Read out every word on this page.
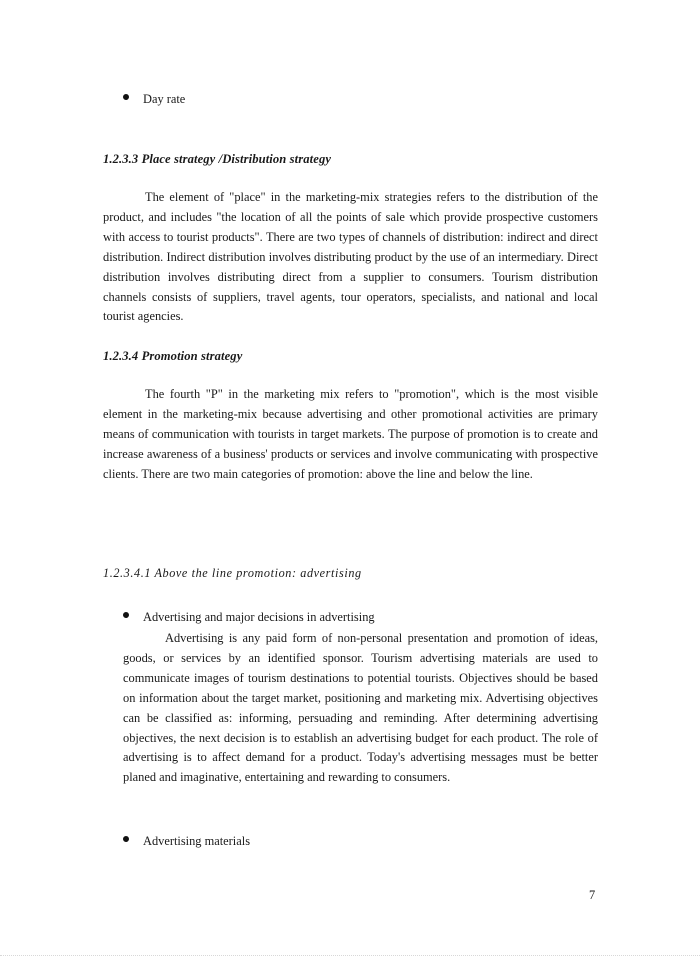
Day rate
1.2.3.3 Place strategy /Distribution strategy

The element of "place" in the marketing-mix strategies refers to the distribution of the product, and includes "the location of all the points of sale which provide prospective customers with access to tourist products". There are two types of channels of distribution: indirect and direct distribution. Indirect distribution involves distributing product by the use of an intermediary. Direct distribution involves distributing direct from a supplier to consumers. Tourism distribution channels consists of suppliers, travel agents, tour operators, specialists, and national and local tourist agencies.

1.2.3.4 Promotion strategy

The fourth "P" in the marketing mix refers to "promotion", which is the most visible element in the marketing-mix because advertising and other promotional activities are primary means of communication with tourists in target markets. The purpose of promotion is to create and increase awareness of a business' products or services and involve communicating with prospective clients. There are two main categories of promotion: above the line and below the line.

1.2.3.4.1 Above the line promotion: advertising
Advertising and major decisions in advertising

Advertising is any paid form of non-personal presentation and promotion of ideas, goods, or services by an identified sponsor. Tourism advertising materials are used to communicate images of tourism destinations to potential tourists. Objectives should be based on information about the target market, positioning and marketing mix. Advertising objectives can be classified as: informing, persuading and reminding. After determining advertising objectives, the next decision is to establish an advertising budget for each product. The role of advertising is to affect demand for a product. Today's advertising messages must be better planed and imaginative, entertaining and rewarding to consumers.

Advertising materials
7
